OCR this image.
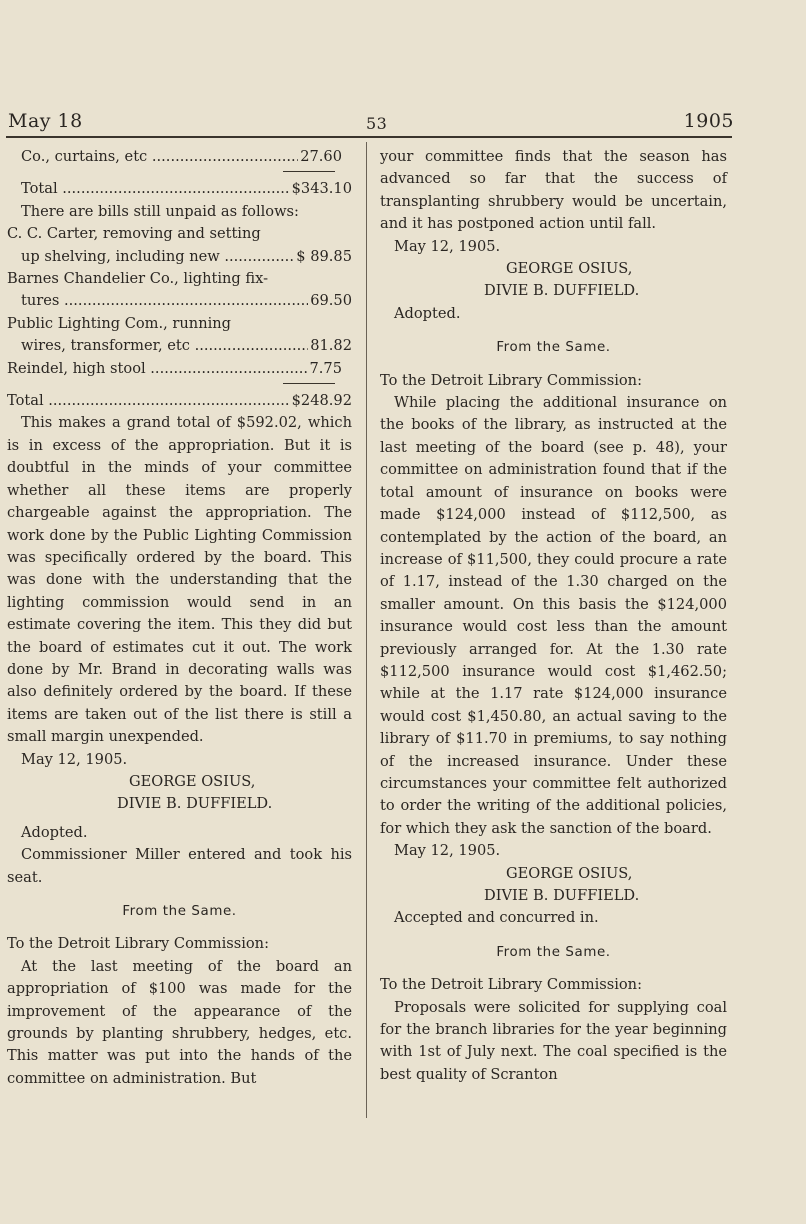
May 18	53	1905
Co., curtains, etc .....	27.60
Total .....	$343.10

There are bills still unpaid as follows:

C. C. Carter, removing and setting

up shelving, including new .....	$ 89.85

Barnes Chandelier Co., lighting fix-

tures .....	69.50

Public Lighting Com., running

wires, transformer, etc .....	81.82
Reindel, high stool .....	7.75
Total .....	$248.92

This makes a grand total of $592.02, which is in excess of the appropriation. But it is doubtful in the minds of your committee whether all these items are properly chargeable against the appropriation. The work done by the Public Lighting Commission was specifically ordered by the board. This was done with the understanding that the lighting commission would send in an estimate covering the item. This they did but the board of estimates cut it out. The work done by Mr. Brand in decorating walls was also definitely ordered by the board. If these items are taken out of the list there is still a small margin unexpended.

May 12, 1905.

GEORGE OSIUS,

DIVIE B. DUFFIELD.

Adopted.

Commissioner Miller entered and took his seat.

From the Same.

To the Detroit Library Commission:

At the last meeting of the board an appropriation of $100 was made for the improvement of the appearance of the grounds by planting shrubbery, hedges, etc. This matter was put into the hands of the committee on administration. But

your committee finds that the season has advanced so far that the success of transplanting shrubbery would be uncertain, and it has postponed action until fall.

May 12, 1905.

GEORGE OSIUS,

DIVIE B. DUFFIELD.

Adopted.

From the Same.

To the Detroit Library Commission:

While placing the additional insurance on the books of the library, as instructed at the last meeting of the board (see p. 48), your committee on administration found that if the total amount of insurance on books were made $124,000 instead of $112,500, as contemplated by the action of the board, an increase of $11,500, they could procure a rate of 1.17, instead of the 1.30 charged on the smaller amount. On this basis the $124,000 insurance would cost less than the amount previously arranged for. At the 1.30 rate $112,500 insurance would cost $1,462.50; while at the 1.17 rate $124,000 insurance would cost $1,450.80, an actual saving to the library of $11.70 in premiums, to say nothing of the increased insurance. Under these circumstances your committee felt authorized to order the writing of the additional policies, for which they ask the sanction of the board.

May 12, 1905.

GEORGE OSIUS,

DIVIE B. DUFFIELD.

Accepted and concurred in.

From the Same.

To the Detroit Library Commission:

Proposals were solicited for supplying coal for the branch libraries for the year beginning with 1st of July next. The coal specified is the best quality of Scranton
